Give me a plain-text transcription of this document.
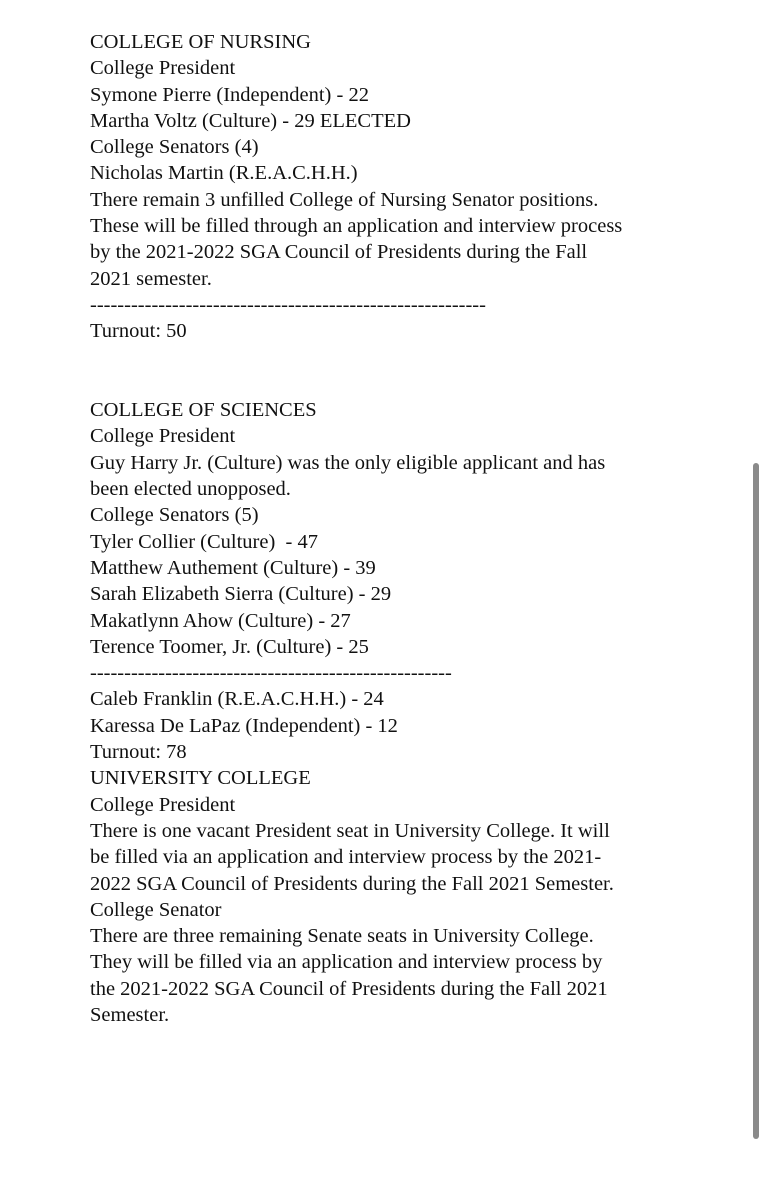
COLLEGE OF NURSING
College President
Symone Pierre (Independent) - 22
Martha Voltz (Culture) - 29 ELECTED
College Senators (4)
Nicholas Martin (R.E.A.C.H.H.)
There remain 3 unfilled College of Nursing Senator positions.
These will be filled through an application and interview process
by the 2021-2022 SGA Council of Presidents during the Fall
2021 semester.
----------------------------------------------------------
Turnout: 50
COLLEGE OF SCIENCES
College President
Guy Harry Jr. (Culture) was the only eligible applicant and has
been elected unopposed.
College Senators (5)
Tyler Collier (Culture)  - 47
Matthew Authement (Culture) - 39
Sarah Elizabeth Sierra (Culture) - 29
Makatlynn Ahow (Culture) - 27
Terence Toomer, Jr. (Culture) - 25
-----------------------------------------------------
Caleb Franklin (R.E.A.C.H.H.) - 24
Karessa De LaPaz (Independent) - 12
Turnout: 78
UNIVERSITY COLLEGE
College President
There is one vacant President seat in University College. It will
be filled via an application and interview process by the 2021-
2022 SGA Council of Presidents during the Fall 2021 Semester.
College Senator
There are three remaining Senate seats in University College.
They will be filled via an application and interview process by
the 2021-2022 SGA Council of Presidents during the Fall 2021
Semester.
